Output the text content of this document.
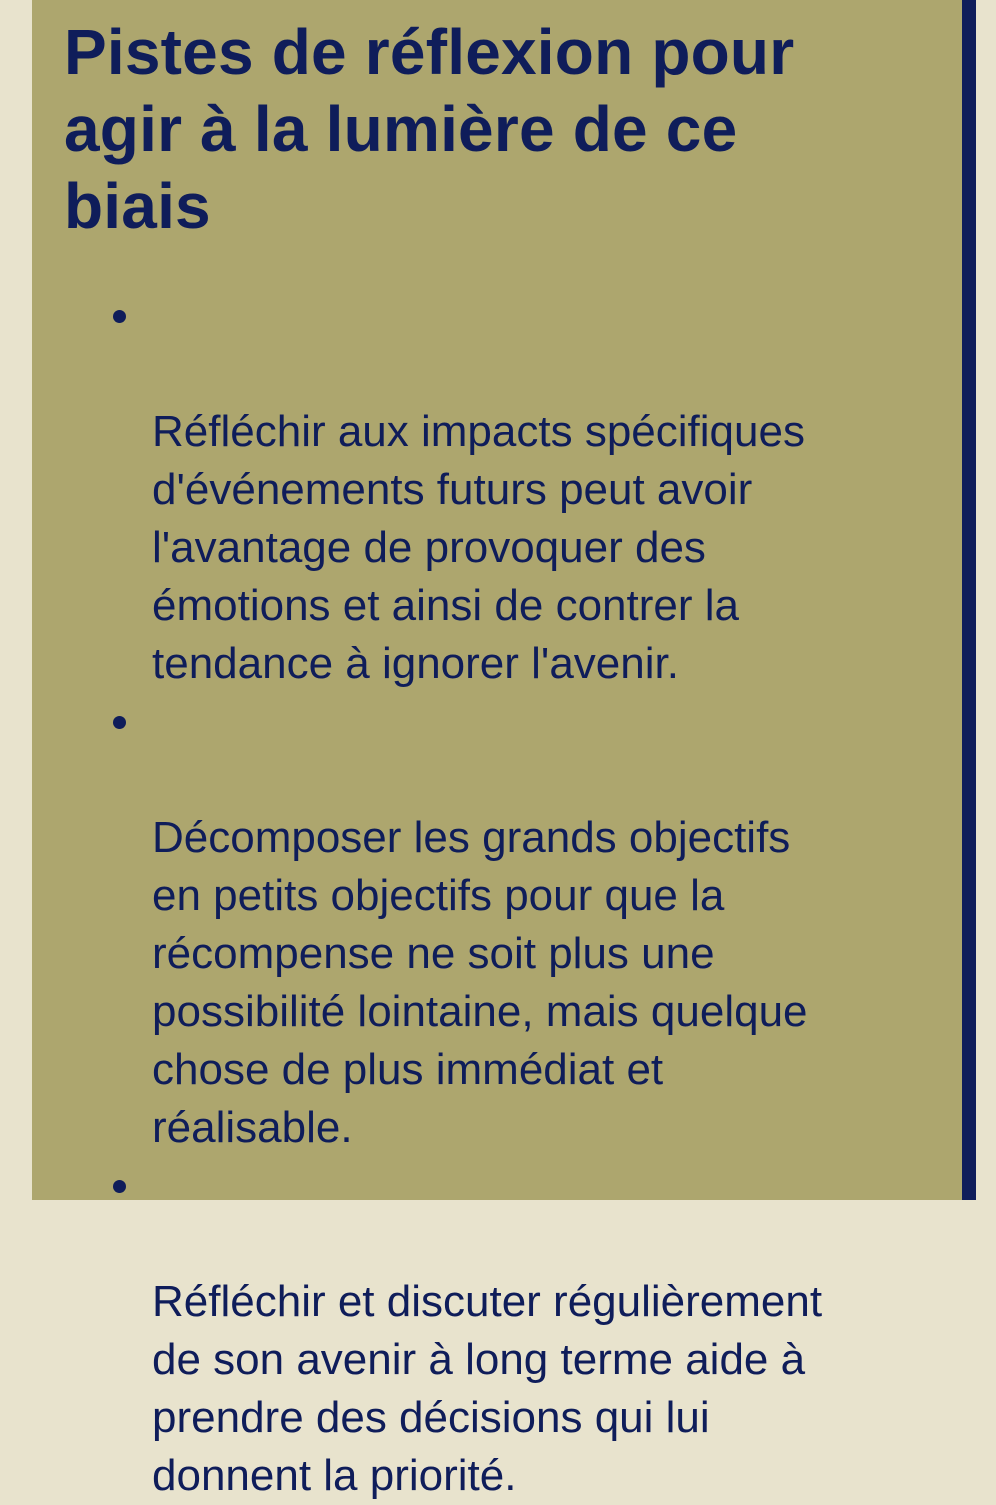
Pistes de réflexion pour
agir à la lumière de ce
biais

Réfléchir aux impacts spécifiques
d'événements futurs peut avoir
l'avantage de provoquer des
émotions et ainsi de contrer la
tendance à ignorer l'avenir.

Décomposer les grands objectifs
en petits objectifs pour que la
récompense ne soit plus une
possibilité lointaine, mais quelque
chose de plus immédiat et
réalisable.

Réfléchir et discuter régulièrement
de son avenir à long terme aide à
prendre des décisions qui lui
donnent la priorité.
